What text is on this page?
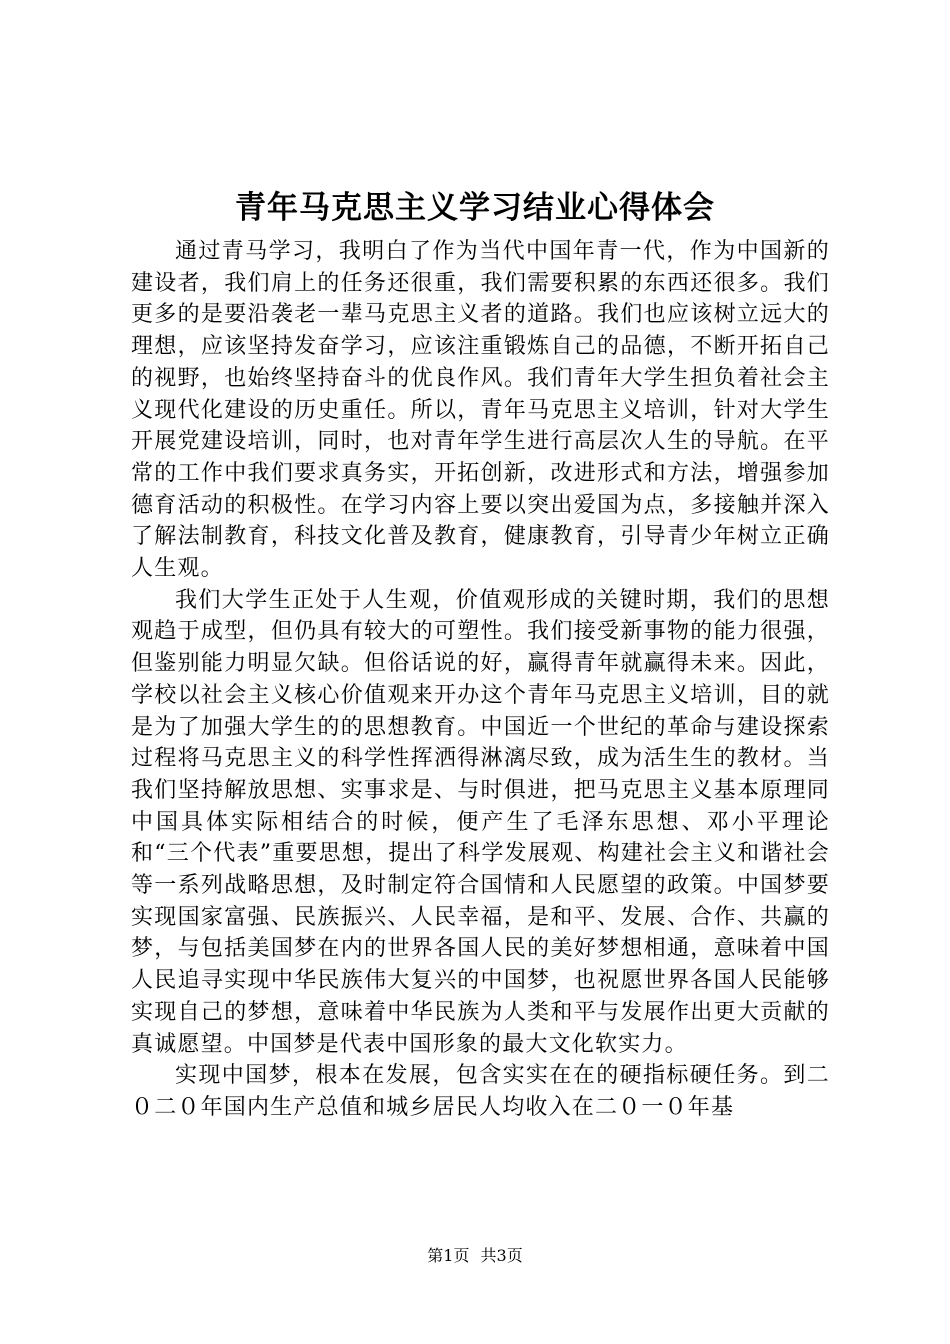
青年马克思主义学习结业心得体会

通过青马学习，我明白了作为当代中国年青一代，作为中国新的建设者，我们肩上的任务还很重，我们需要积累的东西还很多。我们更多的是要沿袭老一辈马克思主义者的道路。我们也应该树立远大的理想，应该坚持发奋学习，应该注重锻炼自己的品德，不断开拓自己的视野，也始终坚持奋斗的优良作风。我们青年大学生担负着社会主义现代化建设的历史重任。所以，青年马克思主义培训，针对大学生开展党建设培训，同时，也对青年学生进行高层次人生的导航。在平常的工作中我们要求真务实，开拓创新，改进形式和方法，增强参加德育活动的积极性。在学习内容上要以突出爱国为点，多接触并深入了解法制教育，科技文化普及教育，健康教育，引导青少年树立正确人生观。

我们大学生正处于人生观，价值观形成的关键时期，我们的思想观趋于成型，但仍具有较大的可塑性。我们接受新事物的能力很强，但鉴别能力明显欠缺。但俗话说的好，赢得青年就赢得未来。因此，学校以社会主义核心价值观来开办这个青年马克思主义培训，目的就是为了加强大学生的的思想教育。中国近一个世纪的革命与建设探索过程将马克思主义的科学性挥洒得淋漓尽致，成为活生生的教材。当我们坚持解放思想、实事求是、与时俱进，把马克思主义基本原理同中国具体实际相结合的时候，便产生了毛泽东思想、邓小平理论和“三个代表”重要思想，提出了科学发展观、构建社会主义和谐社会等一系列战略思想，及时制定符合国情和人民愿望的政策。中国梦要实现国家富强、民族振兴、人民幸福，是和平、发展、合作、共赢的梦，与包括美国梦在内的世界各国人民的美好梦想相通，意味着中国人民追寻实现中华民族伟大复兴的中国梦，也祝愿世界各国人民能够实现自己的梦想，意味着中华民族为人类和平与发展作出更大贡献的真诚愿望。中国梦是代表中国形象的最大文化软实力。

实现中国梦，根本在发展，包含实实在在的硬指标硬任务。到二０二０年国内生产总值和城乡居民人均收入在二０一０年基

第1页 共3页
